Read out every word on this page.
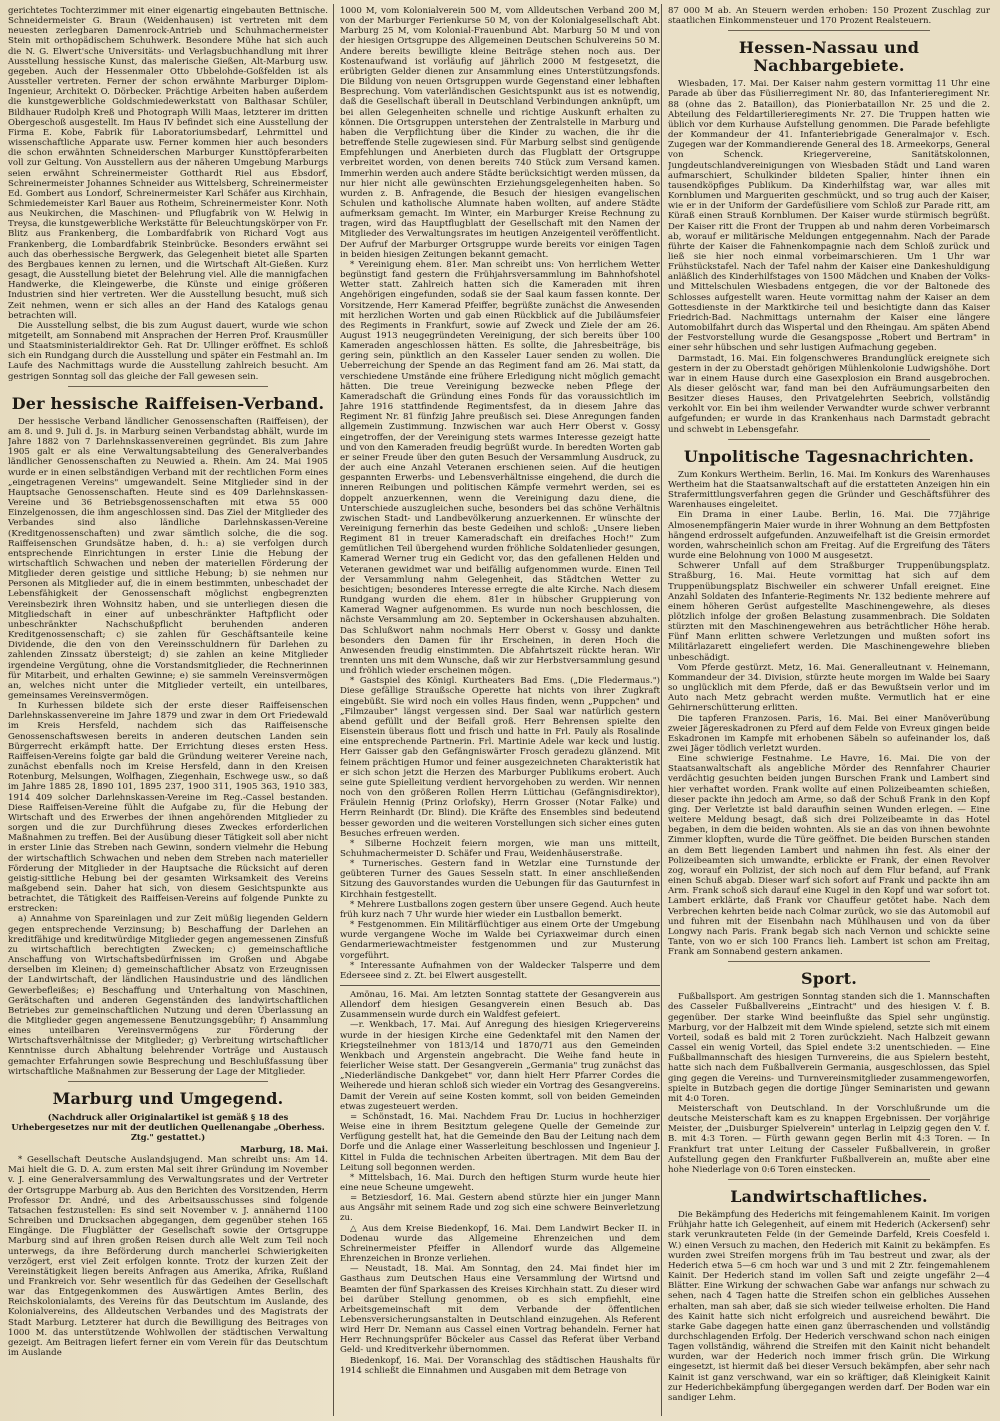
gerichtetes Tochterzimmer mit einer eigenartig eingebauten Bettnische. Schneidermeister G. Braun (Weidenhausen) ist vertreten mit dem neuesten zerlegbaren Damenrock-Antrieb und Schuhmachermeister Stein mit orthopädischem Schuhwerk. Besondere Mühe hat sich auch die N. G. Elwert'sche Universitäts- und Verlagsbuchhandlung mit ihrer Ausstellung hessische Kunst, das malerische Gießen, Alt-Marburg usw. gegeben. Auch der Hessenmaler Otto Ubbelohde-Goßfelden ist als Aussteller vertreten. Ferner der schon erwähnte Marburger Diplom-Ingenieur, Architekt O. Dörbecker. Prächtige Arbeiten haben außerdem die kunstgewerbliche Goldschmiedewerkstatt von Balthasar Schüler, Bildhauer Rudolph Kreß und Photograph Willi Maas, letzterer im dritten Obergeschoß ausgestellt. Im Haus IV befindet sich eine Ausstellung der Firma E. Kobe, Fabrik für Laboratoriumsbedarf, Lehrmittel und wissenschaftliche Apparate usw. Ferner kommen hier auch besonders die schon erwähnten Schneiderschen Marburger Kunsttöpferarbeiten voll zur Geltung. Von Ausstellern aus der näheren Umgebung Marburgs seien erwähnt Schreinermeister Gotthardt Riel aus Ebsdorf, Schreinermeister Johannes Schneider aus Wittelsberg, Schreinermeister Ed. Gombert aus Londorf, Schreinermeister Karl Schäfer aus Kirchhain, Schmiedemeister Karl Bauer aus Rotheim, Schreinermeister Konr. Noth aus Neukirchen, die Maschinen- und Pflugfabrik von W. Helwig in Treysa, die kunstgewerbliche Werkstätte für Beleuchtungskörper von Fr. Blitz aus Frankenberg, die Lombardfabrik von Richard Vogt aus Frankenberg, die Lombardfabrik Steinbrücke. Besonders erwähnt sei auch das oberhessische Bergwerk, das Gelegenheit bietet alle Sparten des Bergbaues kennen zu lernen, und die Wirtschaft Alt-Gießen. Kurz gesagt, die Ausstellung bietet der Belehrung viel. Alle die mannigfachen Handwerke, die Kleingewerbe, die Künste und einige größeren Industrien sind hier vertreten. Wer die Ausstellung besucht, muß sich Zeit nehmen, wenn er sich alles an der Hand des Katalogs genau betrachten will.

Die Ausstellung selbst, die bis zum August dauert, wurde wie schon mitgeteilt, am Sonnabend mit Ansprachen der Herren Prof. Krausmüller und Staatsministerialdirektor Geh. Rat Dr. Ullinger eröffnet. Es schloß sich ein Rundgang durch die Ausstellung und später ein Festmahl an. Im Laufe des Nachmittags wurde die Ausstellung zahlreich besucht. Am gestrigen Sonntag soll das gleiche der Fall gewesen sein.

Der hessische Raiffeisen-Verband.

Der hessische Verband ländlicher Genossenschaften (Raiffeisen), der am 8. und 9. Juli d. Js. in Marburg seinen Verbandstag abhält, wurde im Jahre 1882 von 7 Darlehnskassenvereinen gegründet. Bis zum Jahre 1905 galt er als eine Verwaltungsabteilung des Generalverbandes ländlicher Genossenschaften zu Neuwied a. Rhein. Am 24. Mai 1905 wurde er in einen selbständigen Verband mit der rechtlichen Form eines „eingetragenen Vereins" umgewandelt. Seine Mitglieder sind in der Hauptsache Genossenschaften. Heute sind es 409 Darlehnskassen-Vereine und 36 Betriebsgenossenschaften mit etwa 55 000 Einzelgenossen, die ihm angeschlossen sind. Das Ziel der Mitglieder des Verbandes sind also ländliche Darlehnskassen-Vereine (Kreditgenossenschaften) und zwar sämtlich solche, die die sog. Raiffeisenschen Grundsätze haben, d. h.: a) sie verfolgen durch entsprechende Einrichtungen in erster Linie die Hebung der wirtschaftlich Schwachen und neben der materiellen Förderung der Mitglieder deren geistige und sittliche Hebung; b) sie nehmen nur Personen als Mitglieder auf, die in einem bestimmten, unbeschadet der Lebensfähigkeit der Genossenschaft möglichst engbegrenzten Vereinsbezirk ihren Wohnsitz haben, und sie unterliegen diesen die Mitgliedschaft in einer auf unbeschränkter Haftpflicht oder unbeschränkter Nachschußpflicht beruhenden anderen Kreditgenossenschaft; c) sie zahlen für Geschäftsanteile keine Dividende, die den von den Vereinsschuldnern für Darlehen zu zahlenden Zinssatz übersteigt; d) sie zahlen an keine Mitglieder irgendeine Vergütung, ohne die Vorstandsmitglieder, die Rechnerinnen für Mitarbeit, und erhalten Gewinne; e) sie sammeln Vereinsvermögen an, welches nicht unter die Mitglieder verteilt, ein unteilbares, gemeinsames Vereinsvermögen.

In Kurhessen bildete sich der erste dieser Raiffeisenschen Darlehnskassenvereine im Jahre 1879 und zwar in dem Ort Friedewald im Kreis Hersfeld, nachdem sich das Raiffeisensche Genossenschaftswesen bereits in anderen deutschen Landen sein Bürgerrecht erkämpft hatte. Der Errichtung dieses ersten Hess. Raiffeisen-Vereins folgte gar bald die Gründung weiterer Vereine nach, zunächst ebenfalls noch im Kreise Hersfeld, dann in den Kreisen Rotenburg, Melsungen, Wolfhagen, Ziegenhain, Eschwege usw., so daß im Jahre 1885 28, 1890 101, 1895 237, 1900 311, 1905 363, 1910 383, 1914 409 solcher Darlehnskassen-Vereine im Reg.-Cassel bestanden. Diese Raiffeisen-Vereine fühlt die Aufgabe zu, für die Hebung der Wirtschaft und des Erwerbes der ihnen angehörenden Mitglieder zu sorgen und die zur Durchführung dieses Zweckes erforderlichen Maßnahmen zu treffen. Bei der Ausübung dieser Tätigkeit soll aber nicht in erster Linie das Streben nach Gewinn, sondern vielmehr die Hebung der wirtschaftlich Schwachen und neben dem Streben nach materieller Förderung der Mitglieder in der Hauptsache die Rücksicht auf deren geistig-sittliche Hebung bei der gesamten Wirksamkeit des Vereins maßgebend sein. Daher hat sich, von diesem Gesichtspunkte aus betrachtet, die Tätigkeit des Raiffeisen-Vereins auf folgende Punkte zu erstrecken:

a) Annahme von Spareinlagen und zur Zeit müßig liegenden Geldern gegen entsprechende Verzinsung; b) Beschaffung der Darlehen an kreditfähige und kreditwürdige Mitglieder gegen angemessenen Zinsfuß zu wirtschaftlich berechtigten Zwecken; c) gemeinschaftliche Anschaffung von Wirtschaftsbedürfnissen im Großen und Abgabe derselben im Kleinen; d) gemeinschaftlicher Absatz von Erzeugnissen der Landwirtschaft, der ländlichen Hausindustrie und des ländlichen Gewerbefleißes; e) Beschaffung und Unterhaltung von Maschinen, Gerätschaften und anderen Gegenständen des landwirtschaftlichen Betriebes zur gemeinschaftlichen Nutzung und deren Überlassung an die Mitglieder gegen angemessene Benutzungsgebühr; f) Ansammlung eines unteilbaren Vereinsvermögens zur Förderung der Wirtschaftsverhältnisse der Mitglieder; g) Verbreitung wirtschaftlicher Kenntnisse durch Abhaltung belehrender Vorträge und Austausch gemachter Erfahrungen sowie Besprechung und Beschlußfassung über wirtschaftliche Maßnahmen zur Besserung der Lage der Mitglieder.

Marburg und Umgegend.
(Nachdruck aller Originalartikel ist gemäß § 18 des Urhebergesetzes nur mit der deutlichen Quellenangabe „Oberhess. Ztg." gestattet.)

Marburg, 18. Mai.

* Gesellschaft Deutsche Auslandsjugend. Man schreibt uns: Am 14. Mai hielt die G. D. A. zum ersten Mal seit ihrer Gründung im November v. J. eine Generalversammlung des Verwaltungsrates und der Vertreter der Ortsgruppe Marburg ab. Aus den Berichten des Vorsitzenden, Herrn Professor Dr. André, und des Arbeitsausschusses sind folgende Tatsachen festzustellen: Es sind seit November v. J. annähernd 1100 Schreiben und Drucksachen abgegangen, dem gegenüber stehen 165 Eingänge. Die Flugblätter der Gesellschaft sowie der Ortsgruppe Marburg sind auf ihren großen Reisen durch alle Welt zum Teil noch unterwegs, da ihre Beförderung durch mancherlei Schwierigkeiten verzögert, erst viel Zeit erfolgen konnte. Trotz der kurzen Zeit der Vereinstätigkeit liegen bereits Anfragen aus Amerika, Afrika, Rußland und Frankreich vor. Sehr wesentlich für das Gedeihen der Gesellschaft war das Entgegenkommen des Auswärtigen Amtes Berlin, des Reichskolonialamts, des Vereins für das Deutschtum im Auslande, des Kolonialvereins, des Alldeutschen Verbandes und des Magistrats der Stadt Marburg. Letzterer hat durch die Bewilligung des Beitrages von 1000 M. das unterstützende Wohlwollen der städtischen Verwaltung gezeigt. Am Beitragen liefert ferner ein vom Verein für das Deutschtum im Auslande

1000 M, vom Kolonialverein 500 M, vom Alldeutschen Verband 200 M, von der Marburger Ferienkurse 50 M, von der Kolonialgesellschaft Abt. Marburg 25 M, vom Kolonial-Frauenbund Abt. Marburg 50 M und von der hiesigen Ortsgruppe des Allgemeinen Deutschen Schulvereins 50 M. Andere bereits bewilligte kleine Beiträge stehen noch aus. Der Kostenaufwand ist vorläufig auf jährlich 2000 M festgesetzt, die erübrigten Gelder dienen zur Ansammlung eines Unterstützungsfonds. Die Bildung von neuen Ortsgruppen wurde Gegenstand einer lebhaften Besprechung. Vom vaterländischen Gesichtspunkt aus ist es notwendig, daß die Gesellschaft überall in Deutschland Verbindungen anknüpft, um bei allen Gelegenheiten schnelle und richtige Auskunft erhalten zu können. Die Ortsgruppen unterstehen der Zentralstelle in Marburg und haben die Verpflichtung über die Kinder zu wachen, die ihr die betreffende Stelle zugewiesen sind. Für Marburg selbst sind genügende Empfehlungen und Anerbieten durch das Flugblatt der Ortsgruppe verbreitet worden, von denen bereits 740 Stück zum Versand kamen. Immerhin werden auch andere Städte berücksichtigt werden müssen, da nur hier nicht alle gewünschten Erziehungsgelegenheiten haben. So wurden z. B. Anfragende, die Besuch der hiesigen evangelischen Schulen und katholische Alumnate haben wollten, auf andere Städte aufmerksam gemacht. Im Winter, ein Marburger Kreise Rechnung zu tragen, wird das Hauptflugblatt der Gesellschaft mit den Namen der Mitglieder des Verwaltungsrates im heutigen Anzeigenteil veröffentlicht. Der Aufruf der Marburger Ortsgruppe wurde bereits vor einigen Tagen in beiden hiesigen Zeitungen bekannt gemacht.

* Vereinigung ehem. 81er. Man schreibt uns: Von herrlichem Wetter begünstigt fand gestern die Frühjahrsversammlung im Bahnhofshotel Wetter statt. Zahlreich hatten sich die Kameraden mit ihren Angehörigen eingefunden, sodaß sie der Saal kaum fassen konnte. Der Vorsitzende, Herr Kamerad Pfeiffer, begrüßte zunächst die Anwesenden mit herzlichen Worten und gab einen Rückblick auf die Jubiläumsfeier des Regiments in Frankfurt, sowie auf Zweck und Ziele der am 26. August 1913 neugegründeten Vereinigung, der sich bereits über 100 Kameraden angeschlossen hätten. Es sollte, die Jahresbeiträge, bis gering sein, pünktlich an den Kasseler Lauer senden zu wollen. Die Ueberreichung der Spende an das Regiment fand am 26. Mai statt, da verschiedene Umstände eine frühere Erledigung nicht möglich gemacht hätten. Die treue Vereinigung bezwecke neben Pflege der Kameradschaft die Gründung eines Fonds für das voraussichtlich im Jahre 1916 stattfindende Regimentsfest, da in diesem Jahre das Regiment Nr. 81 fünfzig Jahre preußisch sei. Diese Anregungen fanden allgemein Zustimmung. Inzwischen war auch Herr Oberst v. Gossy eingetroffen, der der Vereinigung stets warmes Interesse gezeigt hatte und von den Kameraden freudig begrüßt wurde. In beredten Worten gab er seiner Freude über den guten Besuch der Versammlung Ausdruck, zu der auch eine Anzahl Veteranen erschienen seien. Auf die heutigen gespannten Erwerbs- und Lebensverhältnisse eingehend, die durch die inneren Reibungen und politischen Kämpfe vermehrt werden, sei es doppelt anzuerkennen, wenn die Vereinigung dazu diene, die Unterschiede auszugleichen suche, besonders bei das schöne Verhältnis zwischen Stadt- und Landbevölkerung anzuerkennen. Er wünschte der Vereinigung fernerhin das beste Gedeihen und schloß: „Unsere lieben Regiment 81 in treuer Kameradschaft ein dreifaches Hoch!" Zum gemütlichen Teil übergehend wurden fröhliche Soldatenlieder gesungen, Kamerad Werner trug ein Gedicht vor, das den gefallenen Helden und Veteranen gewidmet war und beifällig aufgenommen wurde. Einen Teil der Versammlung nahm Gelegenheit, das Städtchen Wetter zu besichtigen; besonderes Interesse erregte die alte Kirche. Nach diesem Rundgang wurden die ehem. 81er in hübscher Gruppierung von Kamerad Wagner aufgenommen. Es wurde nun noch beschlossen, die nächste Versammlung am 20. September in Ockershausen abzuhalten. Das Schlußwort nahm nochmals Herr Oberst v. Gossy und dankte besonders den Damen für ihr Erscheinen, in deren Hoch die Anwesenden freudig einstimmten. Die Abfahrtszeit rückte heran. Wir trennten uns mit dem Wunsche, daß wir zur Herbstversammlung gesund und fröhlich wieder erscheinen mögen.

* Gastspiel des Königl. Kurtheaters Bad Ems. („Die Fledermaus.") Diese gefällige Straußsche Operette hat nichts von ihrer Zugkraft eingebüßt. Sie wird noch ein volles Haus finden, wenn „Puppchen" und „Filmzauber" längst vergessen sind. Der Saal war natürlich gestern abend gefüllt und der Beifall groß. Herr Behrensen spielte den Eisenstein überaus flott und frisch und hatte in Frl. Pauly als Rosalinde eine entsprechende Partnerin. Frl. Martinie Adele war keck und lustig. Herr Gaisser gab den Gefängniswärter Frosch geradezu glänzend. Mit feinem prächtigen Humor und feiner ausgezeichneten Charakteristik hat er sich schon jetzt die Herzen des Marburger Publikums erobert. Auch seine gute Spielleitung verdient hervorgehoben zu werden. Wir nennen noch von den größeren Rollen Herrn Lüttichau (Gefängnisdirektor), Fräulein Hennig (Prinz Orlofsky), Herrn Grosser (Notar Falke) und Herrn Reinhardt (Dr. Blind). Die Kräfte des Ensembles sind bedeutend besser geworden und die weiteren Vorstellungen sich sicher eines guten Besuches erfreuen werden.

* Silberne Hochzeit feiern morgen, wie man uns mitteilt, Schuhmachermeister D. Schäfer und Frau, Weidenhäuserstraße.

* Turnerisches. Gestern fand in Wetzlar eine Turnstunde der geübteren Turner des Gaues Sesseln statt. In einer anschließenden Sitzung des Gauvorstandes wurden die Uebungen für das Gauturnfest in Kirchhain festgestellt.

* Mehrere Lustballons zogen gestern über unsere Gegend. Auch heute früh kurz nach 7 Uhr wurde hier wieder ein Lustballon bemerkt.

* Festgenommen. Ein Militärflüchtiger aus einem Orte der Umgebung wurde vergangene Woche im Walde bei Cyriaxweimar durch einen Gendarmeriewachtmeister festgenommen und zur Musterung vorgeführt.

* Interessante Aufnahmen von der Waldecker Talsperre und dem Ederseee sind z. Zt. bei Elwert ausgestellt.

Amönau, 16. Mai. Am letzten Sonntag stattete der Gesangverein aus Allendorf dem hiesigen Gesangverein einen Besuch ab. Das Zusammensein wurde durch ein Waldfest gefeiert.

—r. Wenkbach, 17. Mai. Auf Anregung des hiesigen Kriegervereins wurde in der hiesigen Kirche eine Gedenktafel mit den Namen der Kriegsteilnehmer von 1813/14 und 1870/71 aus den Gemeinden Wenkbach und Argenstein angebracht. Die Weihe fand heute in feierlicher Weise statt. Der Gesangverein „Germania" trug zunächst das „Niederländische Dankgebet" vor, dann hielt Herr Pfarrer Cordes die Weiherede und hieran schloß sich wieder ein Vortrag des Gesangvereins. Damit der Verein auf seine Kosten kommt, soll von beiden Gemeinden etwas zugesteuert werden.

= Schönstadt, 16. Mai. Nachdem Frau Dr. Lucius in hochherziger Weise eine in ihrem Besitztum gelegene Quelle der Gemeinde zur Verfügung gestellt hat, hat die Gemeinde den Bau der Leitung nach dem Dorfe und die Anlage einer Wasserleitung beschlossen und Ingenieur J. Kittel in Fulda die technischen Arbeiten übertragen. Mit dem Bau der Leitung soll begonnen werden.

* Mittelsbach, 16. Mai. Durch den heftigen Sturm wurde heute hier eine neue Scheune umgeweht.

= Betziesdorf, 16. Mai. Gestern abend stürzte hier ein junger Mann aus Angsähr mit seinem Rade und zog sich eine schwere Beinverletzung zu.

△ Aus dem Kreise Biedenkopf, 16. Mai. Dem Landwirt Becker II. in Dodenau wurde das Allgemeine Ehrenzeichen und dem Schreinermeister Pfeiffer in Allendorf wurde das Allgemeine Ehrenzeichen in Bronze verliehen.

— Neustadt, 18. Mai. Am Sonntag, den 24. Mai findet hier im Gasthaus zum Deutschen Haus eine Versammlung der Wirtsnd und Beamten der fünf Sparkassen des Kreises Kirchhain statt. Zu dieser wird bei darüber Stellung genommen, ob es sich empfiehlt, eine Arbeitsgemeinschaft mit dem Verbande der öffentlichen Lebensversicherungsanstalten in Deutschland einzugehen. Als Referent wird Herr Dr. Nemann aus Cassel einen Vortrag behandeln. Ferner hat Herr Rechnungsprüfer Böckeler aus Cassel das Referat über Verband Geld- und Kreditverkehr übernommen.

Biedenkopf, 16. Mai. Der Voranschlag des städtischen Haushalts für 1914 schließt die Einnahmen und Ausgaben mit dem Betrage von

87 000 M ab. An Steuern werden erhoben: 150 Prozent Zuschlag zur staatlichen Einkommensteuer und 170 Prozent Realsteuern.

Hessen-Nassau und Nachbargebiete.

Wiesbaden, 17. Mai. Der Kaiser nahm gestern vormittag 11 Uhr eine Parade ab über das Füsilierregiment Nr. 80, das Infanterieregiment Nr. 88 (ohne das 2. Bataillon), das Pionierbataillon Nr. 25 und die 2. Abteilung des Feldartillerieregiments Nr. 27. Die Truppen hatten wie üblich vor dem Kurhause Aufstellung genommen. Die Parade befehligte der Kommandeur der 41. Infanteriebrigade Generalmajor v. Esch. Zugegen war der Kommandierende General des 18. Armeekorps, General von Schenck. Kriegervereine, Sanitätskolonnen, Jungdeutschlandvereinigungen von Wiesbaden Städt und Land waren aufmarschiert, Schulkinder bildeten Spalier, hinter ihnen ein tausendköpfiges Publikum. Da Kinderhilfstag war, war alles mit Kornblumen und Margueriten geschmückt, und so trug auch der Kaiser, wie er in der Uniform der Gardefüsiliere vom Schloß zur Parade ritt, am Küraß einen Strauß Kornblumen. Der Kaiser wurde stürmisch begrüßt. Der Kaiser ritt die Front der Truppen ab und nahm deren Vorbeimarsch ab, worauf er militärische Meldungen entgegennahm. Nach der Parade führte der Kaiser die Fahnenkompagnie nach dem Schloß zurück und ließ sie hier noch einmal vorbeimarschieren. Um 1 Uhr war Frühstückstafel. Nach der Tafel nahm der Kaiser eine Dankeshuldigung anläßlich des Kinderhilfstages von 1500 Mädchen und Knaben der Volks- und Mittelschulen Wiesbadens entgegen, die vor der Baltonede des Schlosses aufgestellt waren. Heute vormittag nahm der Kaiser an dem Gottesdienste in der Marktkirche teil und besichtigte dann das Kaiser Friedrich-Bad. Nachmittags unternahm der Kaiser eine längere Automobilfahrt durch das Wispertal und den Rheingau. Am späten Abend der Festvorstellung wurde die Gesangsposse „Robert und Bertram" in einer sehr hübschen und sehr lustigen Aufmachung gegeben.

Darmstadt, 16. Mai. Ein folgenschweres Brandunglück ereignete sich gestern in der zu Oberstadt gehörigen Mühlenkolonie Ludwigshöhe. Dort war in einem Hause durch eine Gasexplosion ein Brand ausgebrochen. Als dieser gelöscht war, fand man bei den Aufräumungsarbeiten den Besitzer dieses Hauses, den Privatgelehrten Seebrich, vollständig verkohlt vor. Ein bei ihm weilender Verwandter wurde schwer verbrannt aufgefunden; er wurde in das Krankenhaus nach Darmstadt gebracht und schwebt in Lebensgefahr.

Unpolitische Tagesnachrichten.

Zum Konkurs Wertheim. Berlin, 16. Mai. Im Konkurs des Warenhauses Wertheim hat die Staatsanwaltschaft auf die erstatteten Anzeigen hin ein Strafermittlungsverfahren gegen die Gründer und Geschäftsführer des Warenhauses eingeleitet.

Ein Drama in einer Laube. Berlin, 16. Mai. Die 77jährige Almosenempfängerin Maier wurde in ihrer Wohnung an dem Bettpfosten hängend erdrosselt aufgefunden. Anzuweifelhaft ist die Greisin ermordet worden, wahrscheinlich schon am Freitag. Auf die Ergreifung des Täters wurde eine Belohnung von 1000 M ausgesetzt.

Schwerer Unfall auf dem Straßburger Truppenübungsplatz. Straßburg, 16. Mai. Heute vormittag hat sich auf dem Truppenübungsplatz Bischweiler ein schwerer Unfall ereignet. Eine Anzahl Soldaten des Infanterie-Regiments Nr. 132 bediente mehrere auf einem höheren Gerüst aufgestellte Maschinengewehre, als dieses plötzlich infolge der großen Belastung zusammenbrach. Die Soldaten stürzten mit den Maschinengewehren aus beträchtlicher Höhe herab. Fünf Mann erlitten schwere Verletzungen und mußten sofort ins Militärlazarett eingeliefert werden. Die Maschinengewehre blieben unbeschädigt.

Vom Pferde gestürzt. Metz, 16. Mai. Generalleutnant v. Heinemann, Kommandeur der 34. Division, stürzte heute morgen im Walde bei Saary so unglücklich mit dem Pferde, daß er das Bewußtsein verlor und im Auto nach Metz gebracht werden mußte. Vermutlich hat er eine Gehirnerschütterung erlitten.

Die tapferen Franzosen. Paris, 16. Mai. Bei einer Manöverübung zweier Jägereskadronen zu Pferd auf dem Felde von Evreux gingen beide Eskadronen im Kampfe mit erhobenen Säbeln so aufeinander los, daß zwei Jäger tödlich verletzt wurden.

Eine schwierige Festnahme. Le Havre, 16. Mai. Die von der Staatsanwaltschaft als angebliche Mörder des Rennfahrer Chaurier verdächtig gesuchten beiden jungen Burschen Frank und Lambert sind hier verhaftet worden. Frank wollte auf einen Polizeibeamten schießen, dieser packte ihn jedoch am Arme, so daß der Schuß Frank in den Kopf ging. Der Verletzte ist bald daraufhin seinen Wunden erlegen. — Eine weitere Meldung besagt, daß sich drei Polizeibeamte in das Hotel begaben, in dem die beiden wohnten. Als sie an das von ihnen bewohnte Zimmer klopften, wurde die Türe geöffnet. Die beiden Burschen standen an dem Bett liegenden Lambert und nahmen ihn fest. Als einer der Polizeibeamten sich umwandte, erblickte er Frank, der einen Revolver zog, worauf ein Polizist, der sich noch auf dem Flur befand, auf Frank einen Schuß abgab. Dieser warf sich sofort auf Frank und packte ihn am Arm. Frank schoß sich darauf eine Kugel in den Kopf und war sofort tot. Lambert erklärte, daß Frank vor Chauffeur getötet habe. Nach dem Verbrechen kehrten beide nach Colmar zurück, wo sie das Automobil auf und fuhren mit der Eisenbahn nach Mühlhausen und von da über Longwy nach Paris. Frank begab sich nach Vernon und schickte seine Tante, von wo er sich 100 Francs lieh. Lambert ist schon am Freitag, Frank am Sonnabend gestern ankamen.

Sport.

Fußballsport. Am gestrigen Sonntag standen sich die 1. Mannschaften des Casseler Fußballvereins „Eintracht" und des hiesigen V. f. B. gegenüber. Der starke Wind beeinflußte das Spiel sehr ungünstig. Marburg, vor der Halbzeit mit dem Winde spielend, setzte sich mit einem Vorteil, sodaß es bald mit 2 Toren zurückzieht. Nach Halbzeit gewann Cassel ein wenig Vorteil, das Spiel endete 3:2 unentschieden. — Eine Fußballmannschaft des hiesigen Turnvereins, die aus Spielern besteht, hatte sich nach dem Fußballverein Germania, ausgeschlossen, das Spiel ging gegen die Vereins- und Turnvereinsmitglieder zusammengeworfen, spielte in Butzbach gegen die dortige Jünger Seminaristen und gewann mit 4:0 Toren.

Meisterschaft von Deutschland. In der Vorschlußrunde um die deutsche Meisterschaft kam es zu knappen Ergebnissen. Der vorjährige Meister, der „Duisburger Spielverein" unterlag in Leipzig gegen den V. f. B. mit 4:3 Toren. — Fürth gewann gegen Berlin mit 4:3 Toren. — In Frankfurt trat unter Leitung der Casseler Fußballverein, in großer Aufstellung gegen den Frankfurter Fußballverein an, mußte aber eine hohe Niederlage von 0:6 Toren einstecken.

Landwirtschaftliches.

Die Bekämpfung des Hederichs mit feingemahlenem Kainit. Im vorigen Frühjahr hatte ich Gelegenheit, auf einem mit Hederich (Ackersenf) sehr stark verunkrauteten Felde (in der Gemeinde Darfeld, Kreis Coesfeld i. W.) einen Versuch zu machen, den Hederich mit Kainit zu bekämpfen. Es wurden zwei Streifen morgens früh im Tau bestreut und zwar, als der Hederich etwa 5—6 cm hoch war und 3 und mit 2 Ztr. feingemahlenem Kainit. Der Hederich stand im vollen Saft und zeigte ungefähr 2—4 Blätter. Eine Wirkung der schwachen Gabe war anfangs nur schwach zu sehen, nach 4 Tagen hatte die Streifen schon ein gelbliches Aussehen erhalten, man sah aber, daß sie sich wieder teilweise erholten. Die Hand des Kainit hatte sich nicht erfolgreich und ausreichend bewährt. Die starke Gabe dagegen hatte einen ganz überraschenden und vollständig durchschlagenden Erfolg. Der Hederich verschwand schon nach einigen Tagen vollständig, während die Streifen mit den Kainit nicht behandelt wurden, war der Hederich noch immer frisch grün. Die Wirkung eingesetzt, ist hiermit daß bei dieser Versuch bekämpfen, aber sehr nach Kainit ist ganz verschwand, war ein so kräftiger, daß Kleinigkeit Kainit zur Hederichbekämpfung übergegangen werden darf. Der Boden war ein sandiger Lehm.
